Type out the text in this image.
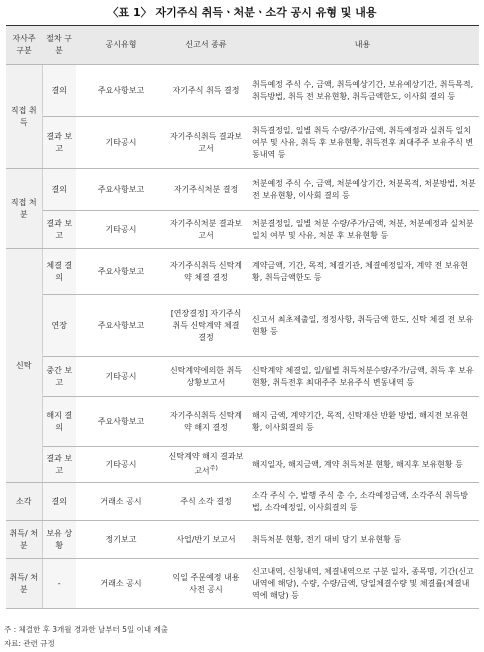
〈표 1〉 자기주식 취득ㆍ처분ㆍ소각 공시 유형 및 내용
자사주 구분	절차 구분	공시유형	신고서 종류	내용
직접 취득	결의	주요사항보고	자기주식 취득 결정	취득예정 주식 수, 금액, 취득예상기간, 보유예상기간, 취득목적, 취득방법, 취득 전 보유현황, 취득금액한도, 이사회 결의 등
	결과 보고	기타공시	자기주식취득 결과보고서	취득결정일, 일별 취득 수량/주가/금액, 취득예정과 실취득 일치 여부 및 사유, 취득 후 보유현황, 취득전후 최대주주 보유주식 변동내역 등
직접 처분	결의	주요사항보고	자기주식처분 결정	처분예정 주식 수, 금액, 처분예상기간, 처분목적, 처분방법, 처분 전 보유현황, 이사회 결의 등
	결과 보고	기타공시	자기주식처분 결과보고서	처분결정일, 일별 처분 수량/주가/금액, 처분, 처분예정과 실처분 일치 여부 및 사유, 처분 후 보유현황 등
신탁	체결 결의	주요사항보고	자기주식취득 신탁계약 체결 결정	계약금액, 기간, 목적, 체결기관, 체결예정일자, 계약 전 보유현황, 취득금액한도 등
	연장	주요사항보고	[연장결정] 자기주식취득 신탁계약 체결 결정	신고서 최초제출일, 정정사항, 취득금액 한도, 신탁 체결 전 보유현황 등
	중간 보고	기타공시	신탁계약에의한 취득상황보고서	신탁계약 체결일, 일/월별 취득처분수량/주가/금액, 취득 후 보유현황, 취득전후 최대주주 보유주식 변동내역 등
	해지 결의	주요사항보고	자기주식취득 신탁계약 해지 결정	해지 금액, 계약기간, 목적, 신탁재산 반환 방법, 해지전 보유현황, 이사회결의 등
	결과 보고	기타공시	신탁계약 해지 결과보고서$^{주)}$	해지일자, 해지금액, 계약 취득처분 현황, 해지후 보유현황 등
소각	결의	거래소 공시	주식 소각 결정	소각 주식 수, 발행 주식 총 수, 소각예정금액, 소각주식 취득방법, 소각예정일, 이사회결의 등
취득/ 처분	보유 상황	정기보고	사업/반기 보고서	취득처분 현황, 전기 대비 당기 보유현황 등
취득/ 처분	-	거래소 공시	익일 주문예정 내용 사전 공시	신고내역, 신청내역, 체결내역으로 구분 일자, 종목명, 기간(신고내역에 해당), 수량, 수량/금액, 당일체결수량 및 체결률(체결내역에 해당) 등
주 : 체결한 후 3개월 경과한 날부터 5일 이내 제출
자료: 관련 규정
